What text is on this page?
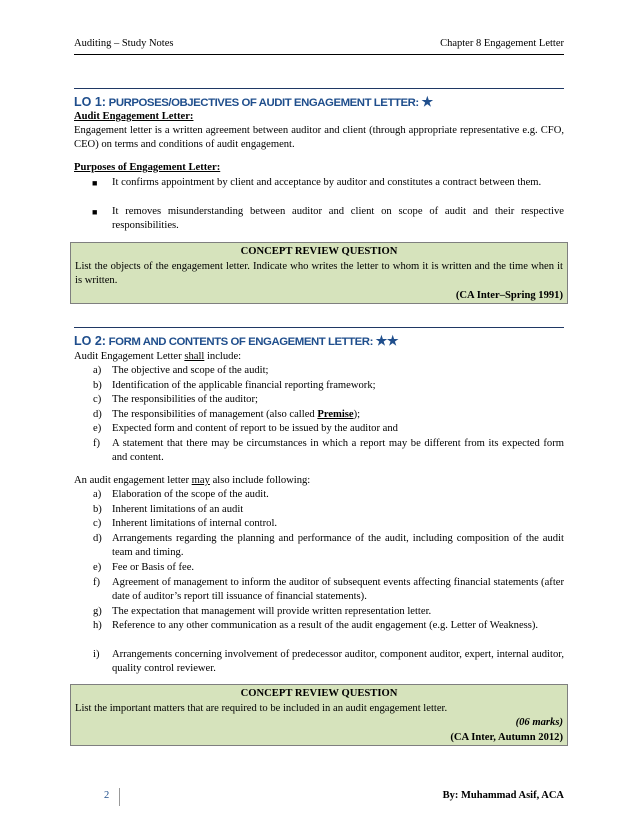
Auditing – Study Notes	Chapter 8 Engagement Letter
LO 1: PURPOSES/OBJECTIVES OF AUDIT ENGAGEMENT LETTER: ★
Audit Engagement Letter:
Engagement letter is a written agreement between auditor and client (through appropriate representative e.g. CFO, CEO) on terms and conditions of audit engagement.
Purposes of Engagement Letter:
■ It confirms appointment by client and acceptance by auditor and constitutes a contract between them.
■ It removes misunderstanding between auditor and client on scope of audit and their respective responsibilities.
CONCEPT REVIEW QUESTION
List the objects of the engagement letter. Indicate who writes the letter to whom it is written and the time when it is written.
(CA Inter–Spring 1991)
LO 2: FORM AND CONTENTS OF ENGAGEMENT LETTER: ★★
Audit Engagement Letter shall include:
a) The objective and scope of the audit;
b) Identification of the applicable financial reporting framework;
c) The responsibilities of the auditor;
d) The responsibilities of management (also called Premise);
e) Expected form and content of report to be issued by the auditor and
f) A statement that there may be circumstances in which a report may be different from its expected form and content.
An audit engagement letter may also include following:
a) Elaboration of the scope of the audit.
b) Inherent limitations of an audit
c) Inherent limitations of internal control.
d) Arrangements regarding the planning and performance of the audit, including composition of the audit team and timing.
e) Fee or Basis of fee.
f) Agreement of management to inform the auditor of subsequent events affecting financial statements (after date of auditor’s report till issuance of financial statements).
g) The expectation that management will provide written representation letter.
h) Reference to any other communication as a result of the audit engagement (e.g. Letter of Weakness).
i) Arrangements concerning involvement of predecessor auditor, component auditor, expert, internal auditor, quality control reviewer.
CONCEPT REVIEW QUESTION
List the important matters that are required to be included in an audit engagement letter.
(06 marks)
(CA Inter, Autumn 2012)
2	By: Muhammad Asif, ACA
